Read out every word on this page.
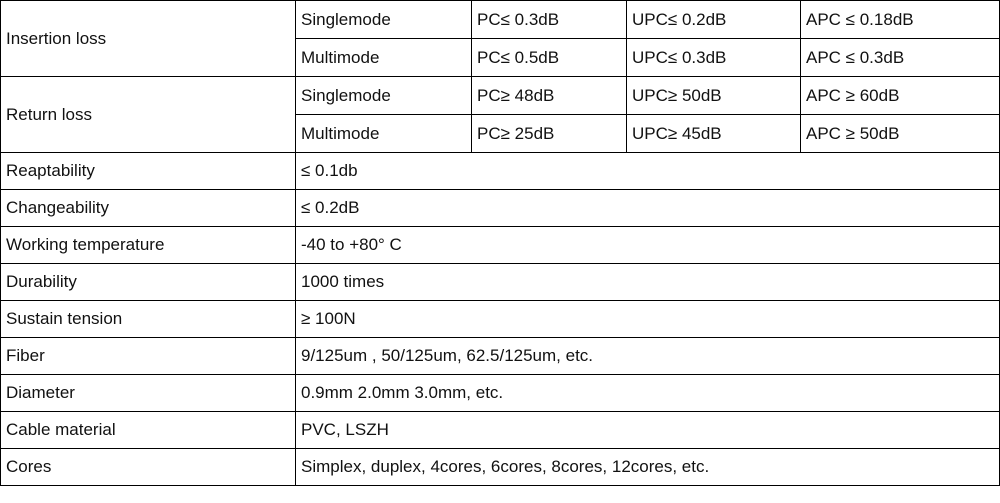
Insertion loss	Singlemode	PC≤ 0.3dB	UPC≤ 0.2dB	APC ≤ 0.18dB
	Multimode	PC≤ 0.5dB	UPC≤ 0.3dB	APC ≤ 0.3dB
Return loss	Singlemode	PC≥ 48dB	UPC≥ 50dB	APC ≥ 60dB
	Multimode	PC≥ 25dB	UPC≥ 45dB	APC ≥ 50dB
Reaptability	≤ 0.1db			
Changeability	≤ 0.2dB			
Working temperature	-40 to +80° C			
Durability	1000 times			
Sustain tension	≥ 100N			
Fiber	9/125um , 50/125um, 62.5/125um, etc.			
Diameter	0.9mm 2.0mm 3.0mm, etc.			
Cable material	PVC, LSZH			
Cores	Simplex, duplex, 4cores, 6cores, 8cores, 12cores, etc.			
